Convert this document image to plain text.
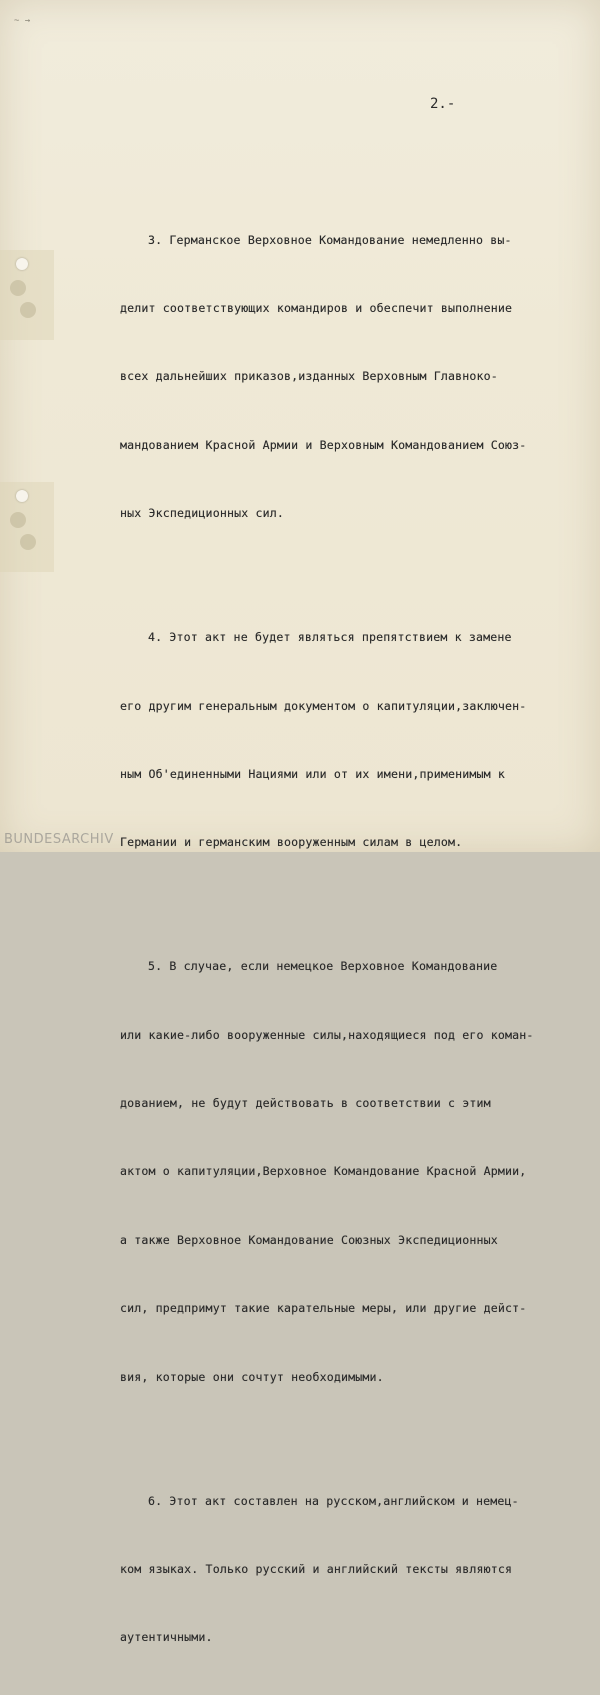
~ →
2.-

3. Германское Верховное Командование немедленно вы-

делит соответствующих командиров и обеспечит выполнение

всех дальнейших приказов,изданных Верховным Главноко-

мандованием Красной Армии и Верховным Командованием Союз-

ных Экспедиционных сил.

4. Этот акт не будет являться препятствием к замене

его другим генеральным документом о капитуляции,заключен-

ным Об'единенными Нациями или от их имени,применимым к

Германии и германским вооруженным силам в целом.

5. В случае, если немецкое Верховное Командование

или какие-либо вооруженные силы,находящиеся под его коман-

дованием, не будут действовать в соответствии с этим

актом о капитуляции,Верховное Командование Красной Армии,

а также Верховное Командование Союзных Экспедиционных

сил, предпримут такие карательные меры, или другие дейст-

вия, которые они сочтут необходимыми.

6. Этот акт составлен на русском,английском и немец-

ком языках. Только русский и английский тексты являются

аутентичными.

BUNDESARCHIV
